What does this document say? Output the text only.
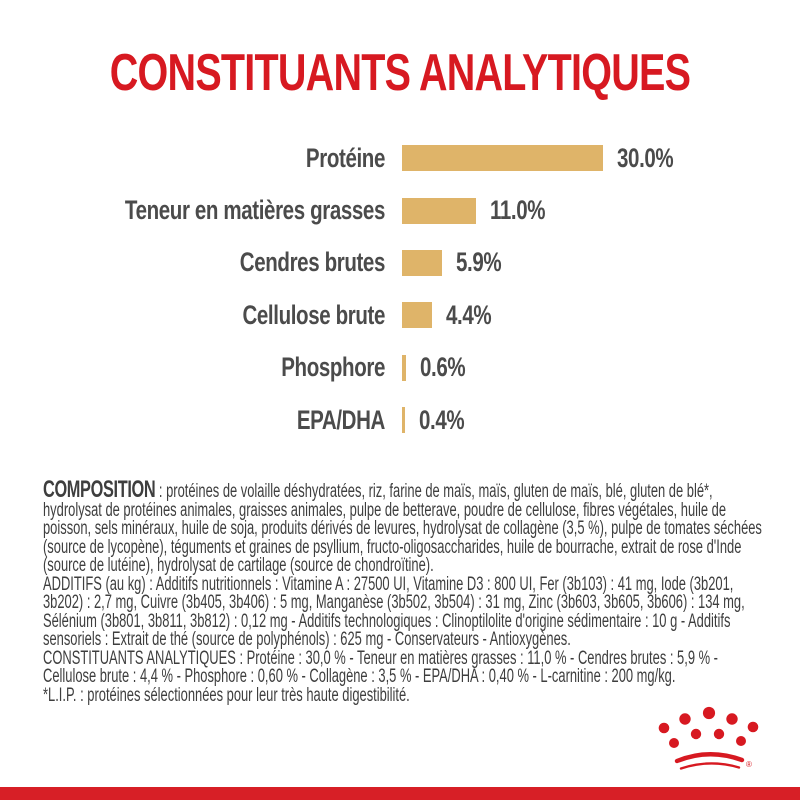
CONSTITUANTS ANALYTIQUES
Protéine	30.0%
Teneur en matières grasses	11.0%
Cendres brutes	5.9%
Cellulose brute 4.4%
Phosphore 0.6%
EPA/DHA 0.4%

COMPOSITION : protéines de volaille déshydratées, riz, farine de maïs, maïs, gluten de maïs, blé, gluten de blé*, hydrolysat de protéines animales, graisses animales, pulpe de betterave, poudre de cellulose, fibres végétales, huile de poisson, sels minéraux, huile de soja, produits dérivés de levures, hydrolysat de collagène (3,5 %), pulpe de tomates séchées (source de lycopène), téguments et graines de psyllium, fructo-oligosaccharides, huile de bourrache, extrait de rose d'Inde (source de lutéine), hydrolysat de cartilage (source de chondroïtine).

ADDITIFS (au kg) : Additifs nutritionnels : Vitamine A : 27500 UI, Vitamine D3 : 800 UI, Fer (3b103) : 41 mg, Iode (3b201, 3b202) : 2,7 mg, Cuivre (3b405, 3b406) : 5 mg, Manganèse (3b502, 3b504) : 31 mg, Zinc (3b603, 3b605, 3b606) : 134 mg, Sélénium (3b801, 3b811, 3b812) : 0,12 mg - Additifs technologiques : Clinoptilolite d'origine sédimentaire : 10 g - Additifs sensoriels : Extrait de thé (source de polyphénols) : 625 mg - Conservateurs - Antioxygènes.

CONSTITUANTS ANALYTIQUES : Protéine : 30,0 % - Teneur en matières grasses : 11,0 % - Cendres brutes : 5,9 % - Cellulose brute : 4,4 % - Phosphore : 0,60 % - Collagène : 3,5 % - EPA/DHA : 0,40 % - L-carnitine : 200 mg/kg.

*L.I.P. : protéines sélectionnées pour leur très haute digestibilité.

®
